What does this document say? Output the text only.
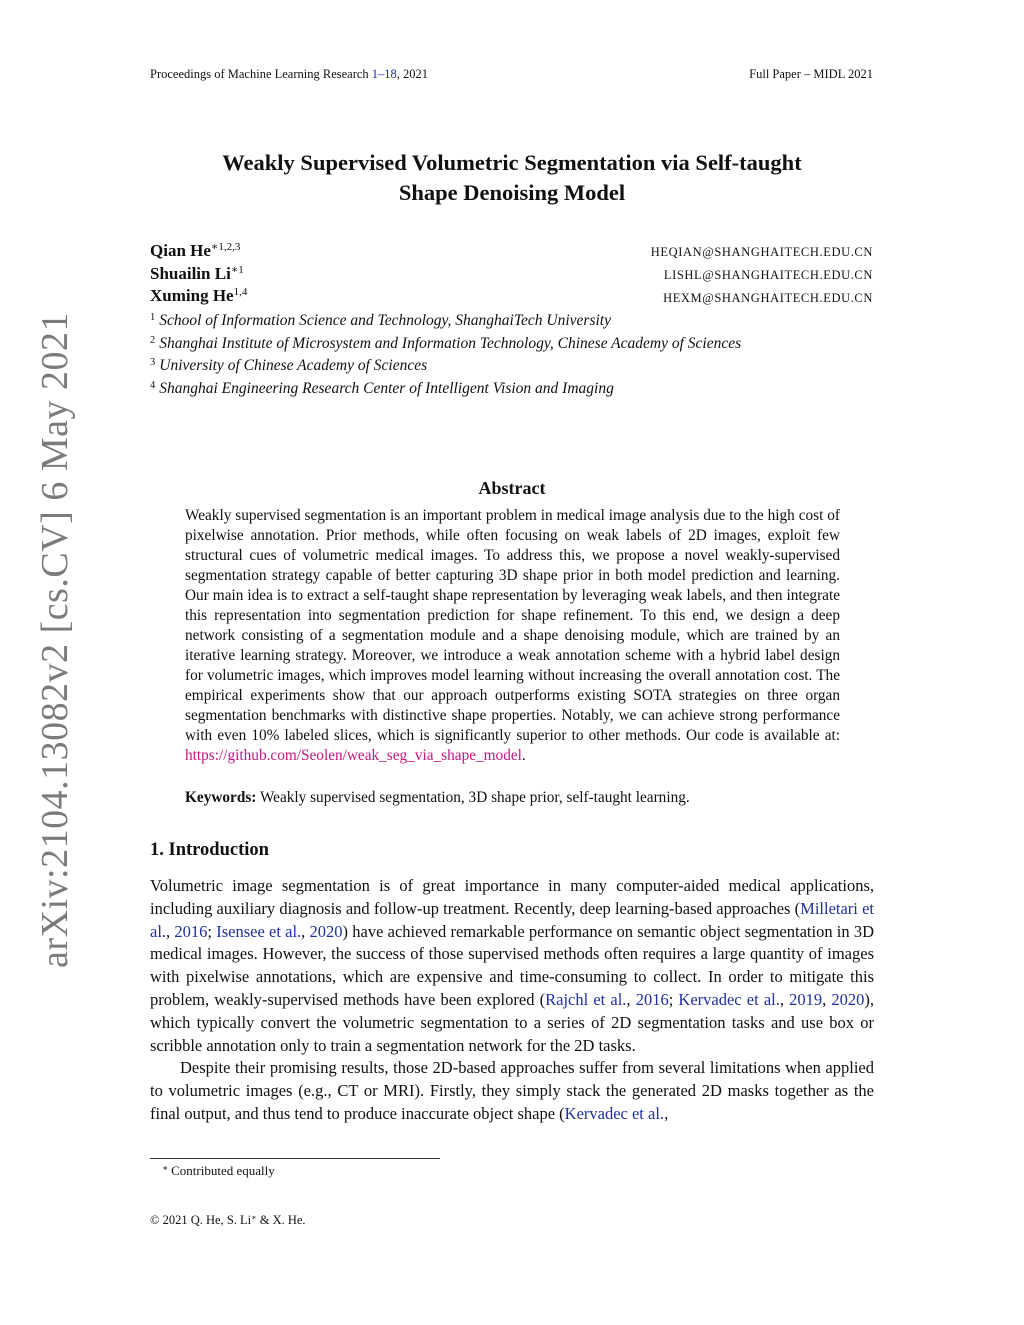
arXiv:2104.13082v2 [cs.CV] 6 May 2021
Proceedings of Machine Learning Research 1–18, 2021	Full Paper – MIDL 2021
Weakly Supervised Volumetric Segmentation via Self-taught
Shape Denoising Model
Qian $He^{∗1,2,3}$	HEQIAN@SHANGHAITECH.EDU.CN
Shuailin $Li^{∗1}$	LISHL@SHANGHAITECH.EDU.CN
Xuming He$^{1,4}$	HEXM@SHANGHAITECH.EDU.CN
$^1$ School of Information Science and Technology, ShanghaiTech University
$^2$ Shanghai Institute of Microsystem and Information Technology, Chinese Academy of Sciences
$^3$ University of Chinese Academy of Sciences
$^4$ Shanghai Engineering Research Center of Intelligent Vision and Imaging
Abstract
Weakly supervised segmentation is an important problem in medical image analysis due to the high cost of pixelwise annotation. Prior methods, while often focusing on weak labels of 2D images, exploit few structural cues of volumetric medical images. To address this, we propose a novel weakly-supervised segmentation strategy capable of better capturing 3D shape prior in both model prediction and learning. Our main idea is to extract a self-taught shape representation by leveraging weak labels, and then integrate this representation into segmentation prediction for shape refinement. To this end, we design a deep network consisting of a segmentation module and a shape denoising module, which are trained by an iterative learning strategy. Moreover, we introduce a weak annotation scheme with a hybrid label design for volumetric images, which improves model learning without increasing the overall annotation cost. The empirical experiments show that our approach outperforms existing SOTA strategies on three organ segmentation benchmarks with distinctive shape properties. Notably, we can achieve strong performance with even 10% labeled slices, which is significantly superior to other methods. Our code is available at: https://github.com/Seolen/weak_seg_via_shape_model.
Keywords: Weakly supervised segmentation, 3D shape prior, self-taught learning.
1. Introduction

Volumetric image segmentation is of great importance in many computer-aided medical applications, including auxiliary diagnosis and follow-up treatment. Recently, deep learning-based approaches (Milletari et al., 2016; Isensee et al., 2020) have achieved remarkable performance on semantic object segmentation in 3D medical images. However, the success of those supervised methods often requires a large quantity of images with pixelwise annotations, which are expensive and time-consuming to collect. In order to mitigate this problem, weakly-supervised methods have been explored (Rajchl et al., 2016; Kervadec et al., 2019, 2020), which typically convert the volumetric segmentation to a series of 2D segmentation tasks and use box or scribble annotation only to train a segmentation network for the 2D tasks.

Despite their promising results, those 2D-based approaches suffer from several limitations when applied to volumetric images (e.g., CT or MRI). Firstly, they simply stack the generated 2D masks together as the final output, and thus tend to produce inaccurate object shape (Kervadec et al.,

∗ Contributed equally
© 2021 Q. He, S. Li∗ & X. He.
